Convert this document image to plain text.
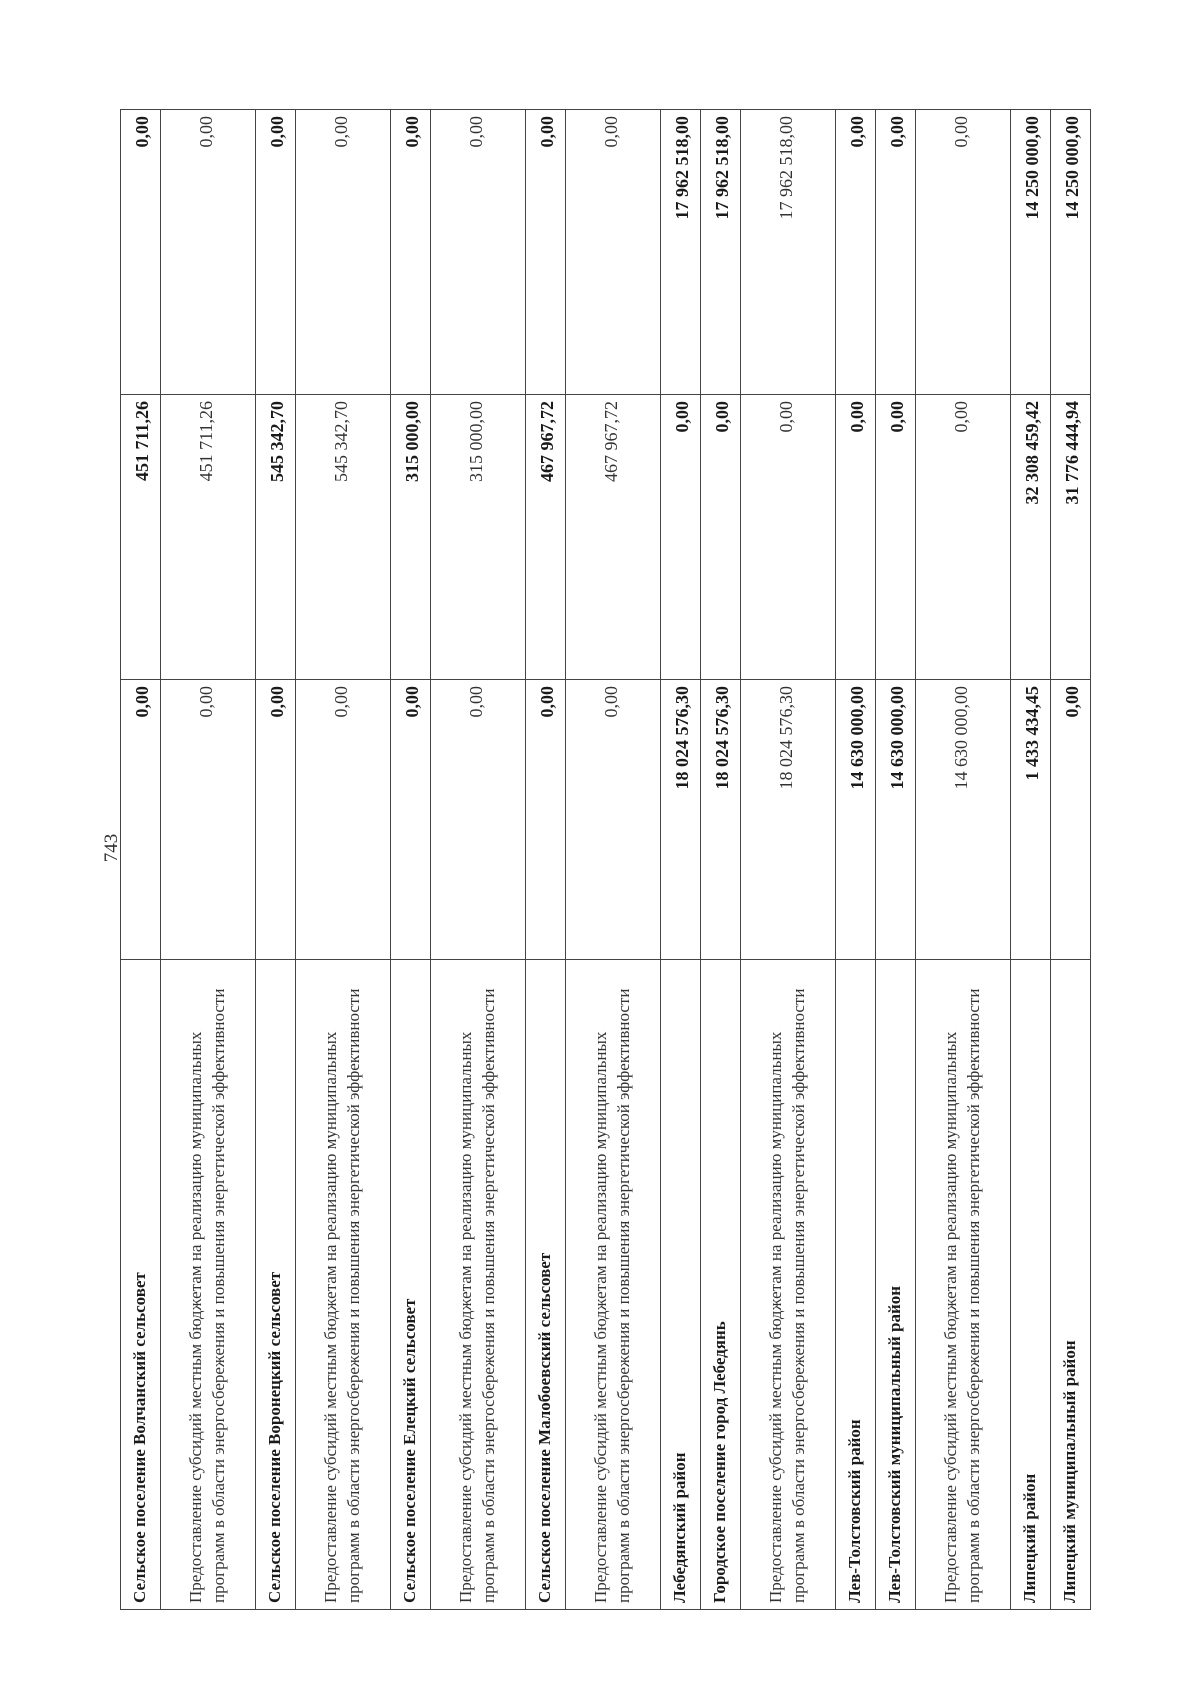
743
Сельское поселение Волчанский сельсовет	0,00	451 711,26	0,00
Предоставление субсидий местным бюджетам на реализацию муниципальных программ в области энергосбережения и повышения энергетической эффективности	0,00	451 711,26	0,00
Сельское поселение Воронецкий сельсовет	0,00	545 342,70	0,00
Предоставление субсидий местным бюджетам на реализацию муниципальных программ в области энергосбережения и повышения энергетической эффективности	0,00	545 342,70	0,00
Сельское поселение Елецкий сельсовет	0,00	315 000,00	0,00
Предоставление субсидий местным бюджетам на реализацию муниципальных программ в области энергосбережения и повышения энергетической эффективности	0,00	315 000,00	0,00
Сельское поселение Малобоевский сельсовет	0,00	467 967,72	0,00
Предоставление субсидий местным бюджетам на реализацию муниципальных программ в области энергосбережения и повышения энергетической эффективности	0,00	467 967,72	0,00
Лебедянский район	18 024 576,30	0,00	17 962 518,00
Городское поселение город Лебедянь	18 024 576,30	0,00	17 962 518,00
Предоставление субсидий местным бюджетам на реализацию муниципальных программ в области энергосбережения и повышения энергетической эффективности	18 024 576,30	0,00	17 962 518,00
Лев-Толстовский район	14 630 000,00	0,00	0,00
Лев-Толстовский муниципальный район	14 630 000,00	0,00	0,00
Предоставление субсидий местным бюджетам на реализацию муниципальных программ в области энергосбережения и повышения энергетической эффективности	14 630 000,00	0,00	0,00
Липецкий район	1 433 434,45	32 308 459,42	14 250 000,00
Липецкий муниципальный район	0,00	31 776 444,94	14 250 000,00
